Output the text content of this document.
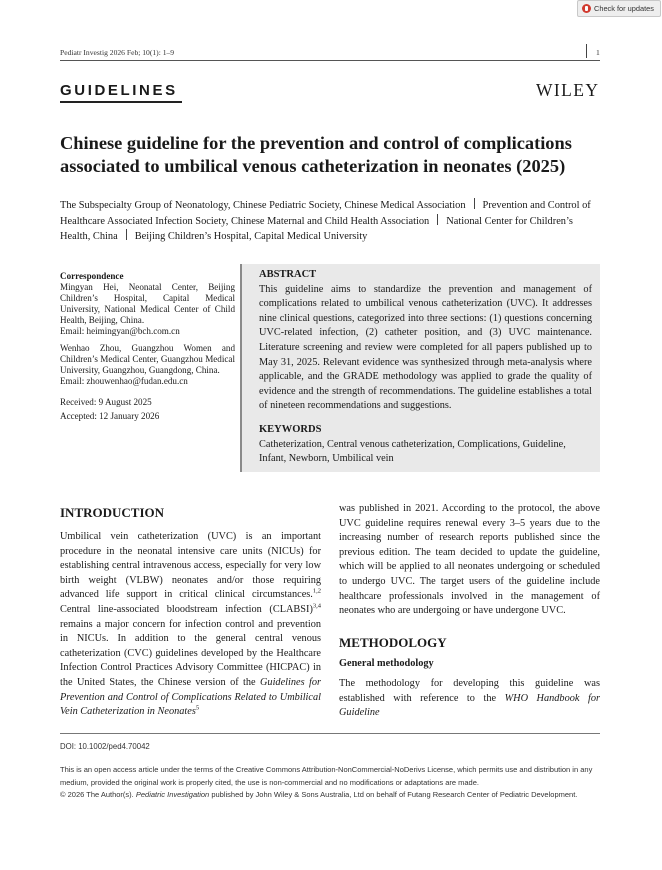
Check for updates
Pediatr Investig 2026 Feb; 10(1): 1–9	1
GUIDELINES	WILEY
Chinese guideline for the prevention and control of complications
associated to umbilical venous catheterization in neonates (2025)
The Subspecialty Group of Neonatology, Chinese Pediatric Society, Chinese Medical Association Prevention and Control of Healthcare Associated Infection Society, Chinese Maternal and Child Health Association National Center for Children’s Health, China Beijing Children’s Hospital, Capital Medical University

Correspondence

Mingyan Hei, Neonatal Center, Beijing Children’s Hospital, Capital Medical University, National Medical Center of Child Health, Beijing, China.

Email: heimingyan@bch.com.cn

Wenhao Zhou, Guangzhou Women and Children’s Medical Center, Guangzhou Medical University, Guangzhou, Guangdong, China.

Email: zhouwenhao@fudan.edu.cn

Received: 9 August 2025

Accepted: 12 January 2026

ABSTRACT

This guideline aims to standardize the prevention and management of complications related to umbilical venous catheterization (UVC). It addresses nine clinical questions, categorized into three sections: (1) questions concerning UVC-related infection, (2) catheter position, and (3) UVC maintenance. Literature screening and review were completed for all papers published up to May 31, 2025. Relevant evidence was synthesized through meta-analysis where applicable, and the GRADE methodology was applied to grade the quality of evidence and the strength of recommendations. The guideline establishes a total of nineteen recommendations and suggestions.

KEYWORDS

Catheterization, Central venous catheterization, Complications, Guideline, Infant, Newborn, Umbilical vein

INTRODUCTION
Umbilical vein catheterization (UVC) is an important procedure in the neonatal intensive care units (NICUs) for establishing central intravenous access, especially for very low birth weight (VLBW) neonates and/or those requiring advanced life support in critical clinical circumstances.$^{1,2}$ Central line-associated bloodstream infection (CLABSI)$^{3,4}$ remains a major concern for infection control and prevention in NICUs. In addition to the general central venous catheterization (CVC) guidelines developed by the Healthcare Infection Control Practices Advisory Committee (HICPAC) in the United States, the Chinese version of the Guidelines for Prevention and Control of Complications Related to Umbilical Vein Catheterization in Neonates$^5$
was published in 2021. According to the protocol, the above UVC guideline requires renewal every 3–5 years due to the increasing number of research reports published since the previous edition. The team decided to update the guideline, which will be applied to all neonates undergoing or scheduled to undergo UVC. The target users of the guideline include healthcare professionals involved in the management of neonates who are undergoing or have undergone UVC.
METHODOLOGY
General methodology
The methodology for developing this guideline was established with reference to the WHO Handbook for Guideline
DOI: 10.1002/ped4.70042
This is an open access article under the terms of the Creative Commons Attribution-NonCommercial-NoDerivs License, which permits use and distribution in any medium, provided the original work is properly cited, the use is non-commercial and no modifications or adaptations are made.
© 2026 The Author(s). Pediatric Investigation published by John Wiley & Sons Australia, Ltd on behalf of Futang Research Center of Pediatric Development.
